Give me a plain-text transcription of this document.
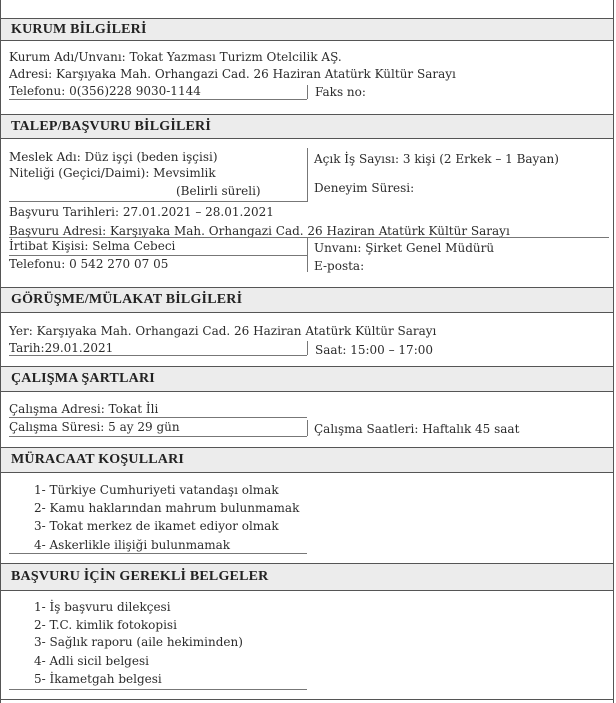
KURUM BİLGİLERİ
Kurum Adı/Unvanı: Tokat Yazması Turizm Otelcilik AŞ.
Adresi: Karşıyaka Mah. Orhangazi Cad. 26 Haziran Atatürk Kültür Sarayı
Telefonu: 0(356)228 9030-1144	Faks no:
TALEP/BAŞVURU BİLGİLERİ
Meslek Adı: Düz işçi (beden işçisi)	Açık İş Sayısı: 3 kişi (2 Erkek – 1 Bayan)
Niteliği (Geçici/Daimi): Mevsimlik
(Belirli süreli)	Deneyim Süresi:
Başvuru Tarihleri: 27.01.2021 – 28.01.2021
Başvuru Adresi: Karşıyaka Mah. Orhangazi Cad. 26 Haziran Atatürk Kültür Sarayı
İrtibat Kişisi: Selma Cebeci	Unvanı: Şirket Genel Müdürü
Telefonu: 0 542 270 07 05	E-posta:
GÖRÜŞME/MÜLAKAT BİLGİLERİ
Yer: Karşıyaka Mah. Orhangazi Cad. 26 Haziran Atatürk Kültür Sarayı
Tarih:29.01.2021	Saat: 15:00 – 17:00
ÇALIŞMA ŞARTLARI
Çalışma Adresi: Tokat İli
Çalışma Süresi: 5 ay 29 gün	Çalışma Saatleri: Haftalık 45 saat
MÜRACAAT KOŞULLARI
1- Türkiye Cumhuriyeti vatandaşı olmak
2- Kamu haklarından mahrum bulunmamak
3- Tokat merkez de ikamet ediyor olmak
4- Askerlikle ilişiği bulunmamak
BAŞVURU İÇİN GEREKLİ BELGELER
1- İş başvuru dilekçesi
2- T.C. kimlik fotokopisi
3- Sağlık raporu (aile hekiminden)
4- Adli sicil belgesi
5- İkametgah belgesi
